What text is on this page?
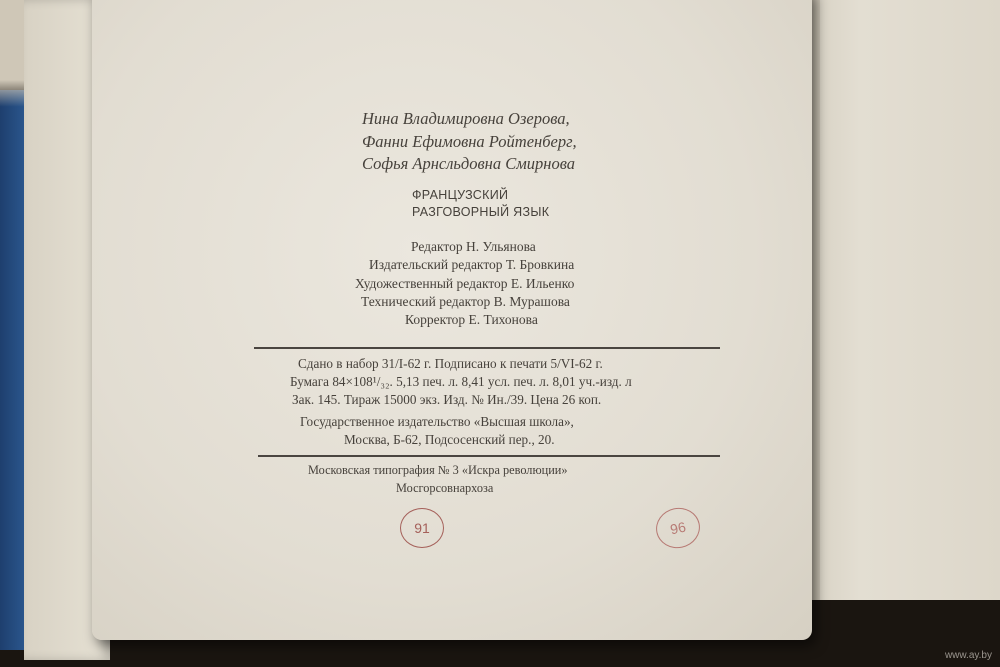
Нина Владимировна Озерова,
Фанни Ефимовна Ройтенберг,
Софья Арнсльдовна Смирнова
ФРАНЦУЗСКИЙ
РАЗГОВОРНЫЙ ЯЗЫК
Редактор Н. Ульянова
Издательский редактор Т. Бровкина
Художественный редактор Е. Ильенко
Технический редактор В. Мурашова
Корректор Е. Тихонова
Сдано в набор 31/I-62 г. Подписано к печати 5/VI-62 г.
Бумага 84×108¹/₃₂. 5,13 печ. л. 8,41 усл. печ. л. 8,01 уч.-изд. л
Зак. 145. Тираж 15000 экз. Изд. № Ин./39. Цена 26 коп.
Государственное издательство «Высшая школа»,
Москва, Б-62, Подсосенский пер., 20.
Московская типография № 3 «Искра революции»
Мосгорсовнархоза
91	96
www.ay.by
